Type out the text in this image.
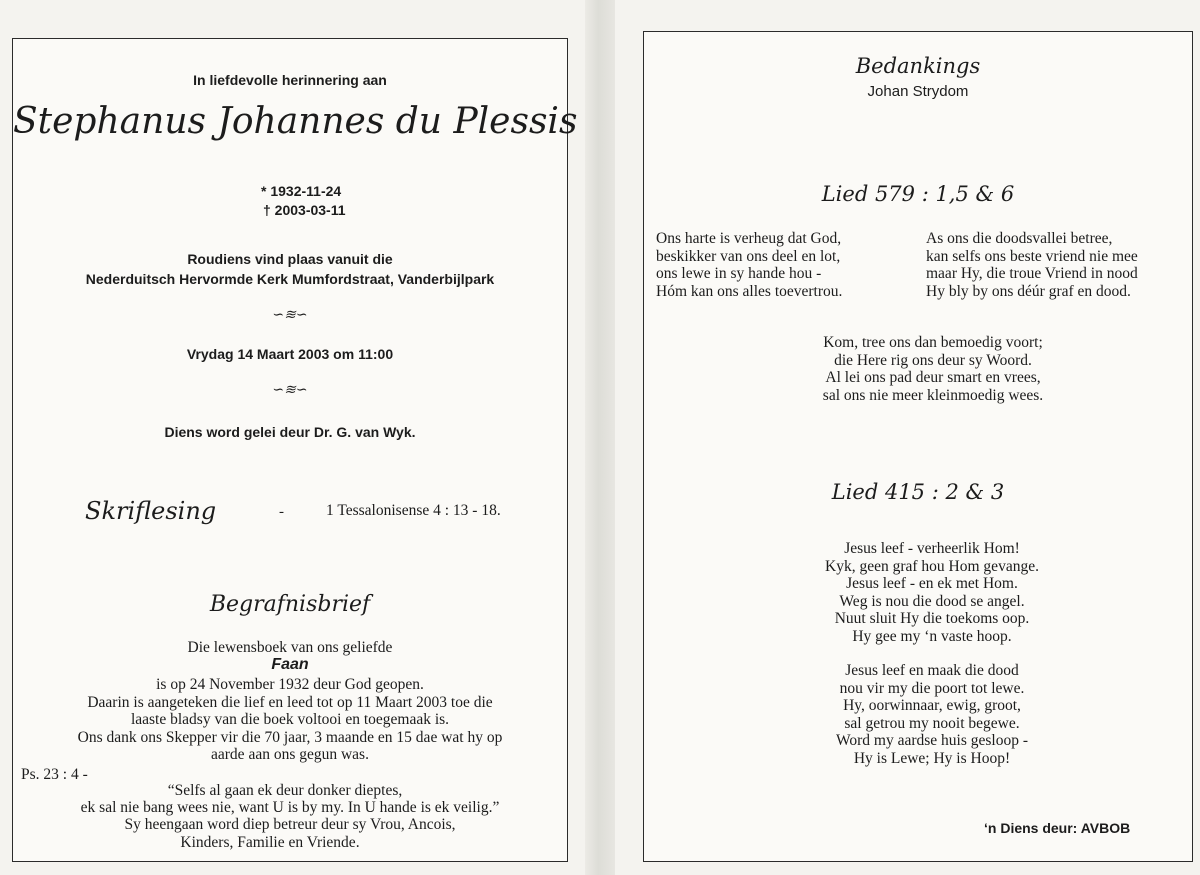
In liefdevolle herinnering aan
Stephanus Johannes du Plessis
* 1932-11-24
† 2003-03-11
Roudiens vind plaas vanuit die
Nederduitsch Hervormde Kerk Mumfordstraat, Vanderbijlpark
∽≋∽
Vrydag 14 Maart 2003 om 11:00
∽≋∽
Diens word gelei deur Dr. G. van Wyk.
Skriflesing	-	1 Tessalonisense 4 : 13 - 18.
Begrafnisbrief
Die lewensboek van ons geliefde
Faan
is op 24 November 1932 deur God geopen.
Daarin is aangeteken die lief en leed tot op 11 Maart 2003 toe die
laaste bladsy van die boek voltooi en toegemaak is.
Ons dank ons Skepper vir die 70 jaar, 3 maande en 15 dae wat hy op
aarde aan ons gegun was.
Ps. 23 : 4 -
“Selfs al gaan ek deur donker dieptes,
ek sal nie bang wees nie, want U is by my. In U hande is ek veilig.”
Sy heengaan word diep betreur deur sy Vrou, Ancois,
Kinders, Familie en Vriende.
Bedankings
Johan Strydom
Lied 579 : 1,5 & 6
Ons harte is verheug dat God,
beskikker van ons deel en lot,
ons lewe in sy hande hou -
Hóm kan ons alles toevertrou.
As ons die doodsvallei betree,
kan selfs ons beste vriend nie mee
maar Hy, die troue Vriend in nood
Hy bly by ons déúr graf en dood.
Kom, tree ons dan bemoedig voort;
die Here rig ons deur sy Woord.
Al lei ons pad deur smart en vrees,
sal ons nie meer kleinmoedig wees.
Lied 415 : 2 & 3
Jesus leef - verheerlik Hom!
Kyk, geen graf hou Hom gevange.
Jesus leef - en ek met Hom.
Weg is nou die dood se angel.
Nuut sluit Hy die toekoms oop.
Hy gee my ‘n vaste hoop.
Jesus leef en maak die dood
nou vir my die poort tot lewe.
Hy, oorwinnaar, ewig, groot,
sal getrou my nooit begewe.
Word my aardse huis gesloop -
Hy is Lewe; Hy is Hoop!
‘n Diens deur: AVBOB
